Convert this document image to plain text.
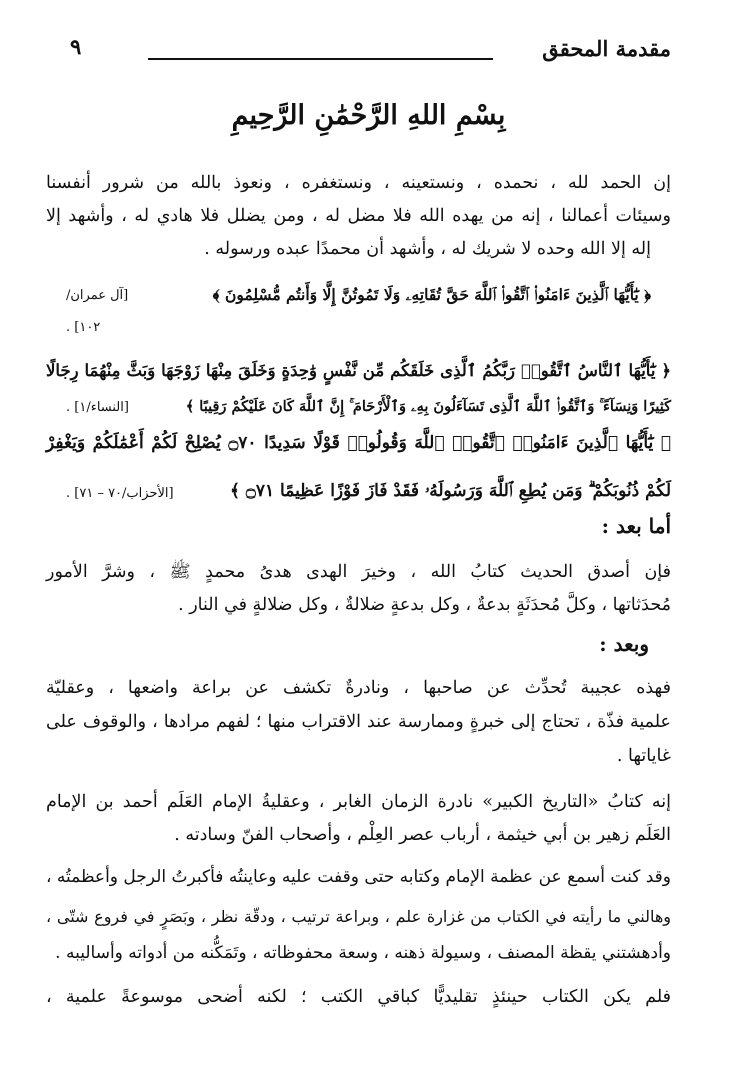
مقدمة المحقق
٩
بِسْمِ اللهِ الرَّحْمَٰنِ الرَّحِيمِ
إن الحمد لله ، نحمده ، ونستعينه ، ونستغفره ، ونعوذ بالله من شرور أنفسنا
وسيئات أعمالنا ، إنه من يهده الله فلا مضل له ، ومن يضلل فلا هادي له ، وأشهد إلا
إله إلا الله وحده لا شريك له ، وأشهد أن محمدًا عبده ورسوله .
﴿ يَٰٓأَيُّهَا ٱلَّذِينَ ءَامَنُوا۟ ٱتَّقُوا۟ ٱللَّهَ حَقَّ تُقَاتِهِۦ وَلَا تَمُوتُنَّ إِلَّا وَأَنتُم مُّسْلِمُونَ ﴾
[آل عمران/
١٠٢] .
﴿ يَٰٓأَيُّهَا ٱلنَّاسُ ٱتَّقُوا۟ رَبَّكُمُ ٱلَّذِى خَلَقَكُم مِّن نَّفْسٍ وَٰحِدَةٍ وَخَلَقَ مِنْهَا زَوْجَهَا وَبَثَّ مِنْهُمَا رِجَالًا
كَثِيرًا وَنِسَآءً ۚ وَٱتَّقُوا۟ ٱللَّهَ ٱلَّذِى تَسَآءَلُونَ بِهِۦ وَٱلْأَرْحَامَ ۚ إِنَّ ٱللَّهَ كَانَ عَلَيْكُمْ رَقِيبًا ﴾
[النساء/١] .
﴿ يَٰٓأَيُّهَا ٱلَّذِينَ ءَامَنُوا۟ ٱتَّقُوا۟ ٱللَّهَ وَقُولُوا۟ قَوْلًا سَدِيدًا ۝٧٠ يُصْلِحْ لَكُمْ أَعْمَٰلَكُمْ وَيَغْفِرْ
لَكُمْ ذُنُوبَكُمْ ۗ وَمَن يُطِعِ ٱللَّهَ وَرَسُولَهُۥ فَقَدْ فَازَ فَوْزًا عَظِيمًا ۝٧١ ﴾
[الأحزاب/٧٠ – ٧١] .
أما بعد :
فإن أصدق الحديث كتابُ الله ، وخيرَ الهدى هدىُ محمدٍ ﷺ ، وشرَّ الأمور
مُحدَثاتها ، وكلَّ مُحدَثَةٍ بدعةٌ ، وكل بدعةٍ ضلالةٌ ، وكل ضلالةٍ في النار .
وبعد :
فهذه عجيبة تُحدِّث عن صاحبها ، ونادرةٌ تكشف عن براعة واضعها ، وعقليّة
علمية فذّة ، تحتاج إلى خبرةٍ وممارسة عند الاقتراب منها ؛ لفهم مرادها ، والوقوف على
غاياتها .
إنه كتابُ «التاريخ الكبير» نادرة الزمان الغابر ، وعقليةُ الإمام العَلَم أحمد بن الإمام
العَلَم زهير بن أبي خيثمة ، أرباب عصر العِلْم ، وأصحاب الفنّ وسادته .
وقد كنت أسمع عن عظمة الإمام وكتابه حتى وقفت عليه وعاينتُه فأكبرتُ الرجل وأعظمتُه ،
وهالني ما رأيته في الكتاب من غزارة علم ، وبراعة ترتيب ، ودقّة نظر ، وبَصَرٍ في فروع شتّى ،
وأدهشتني يقظة المصنف ، وسيولة ذهنه ، وسعة محفوظاته ، وتَمَكُّنه من أدواته وأساليبه .
فلم يكن الكتاب حينئذٍ تقليديًّا كباقي الكتب ؛ لكنه أضحى موسوعةً علمية ،
